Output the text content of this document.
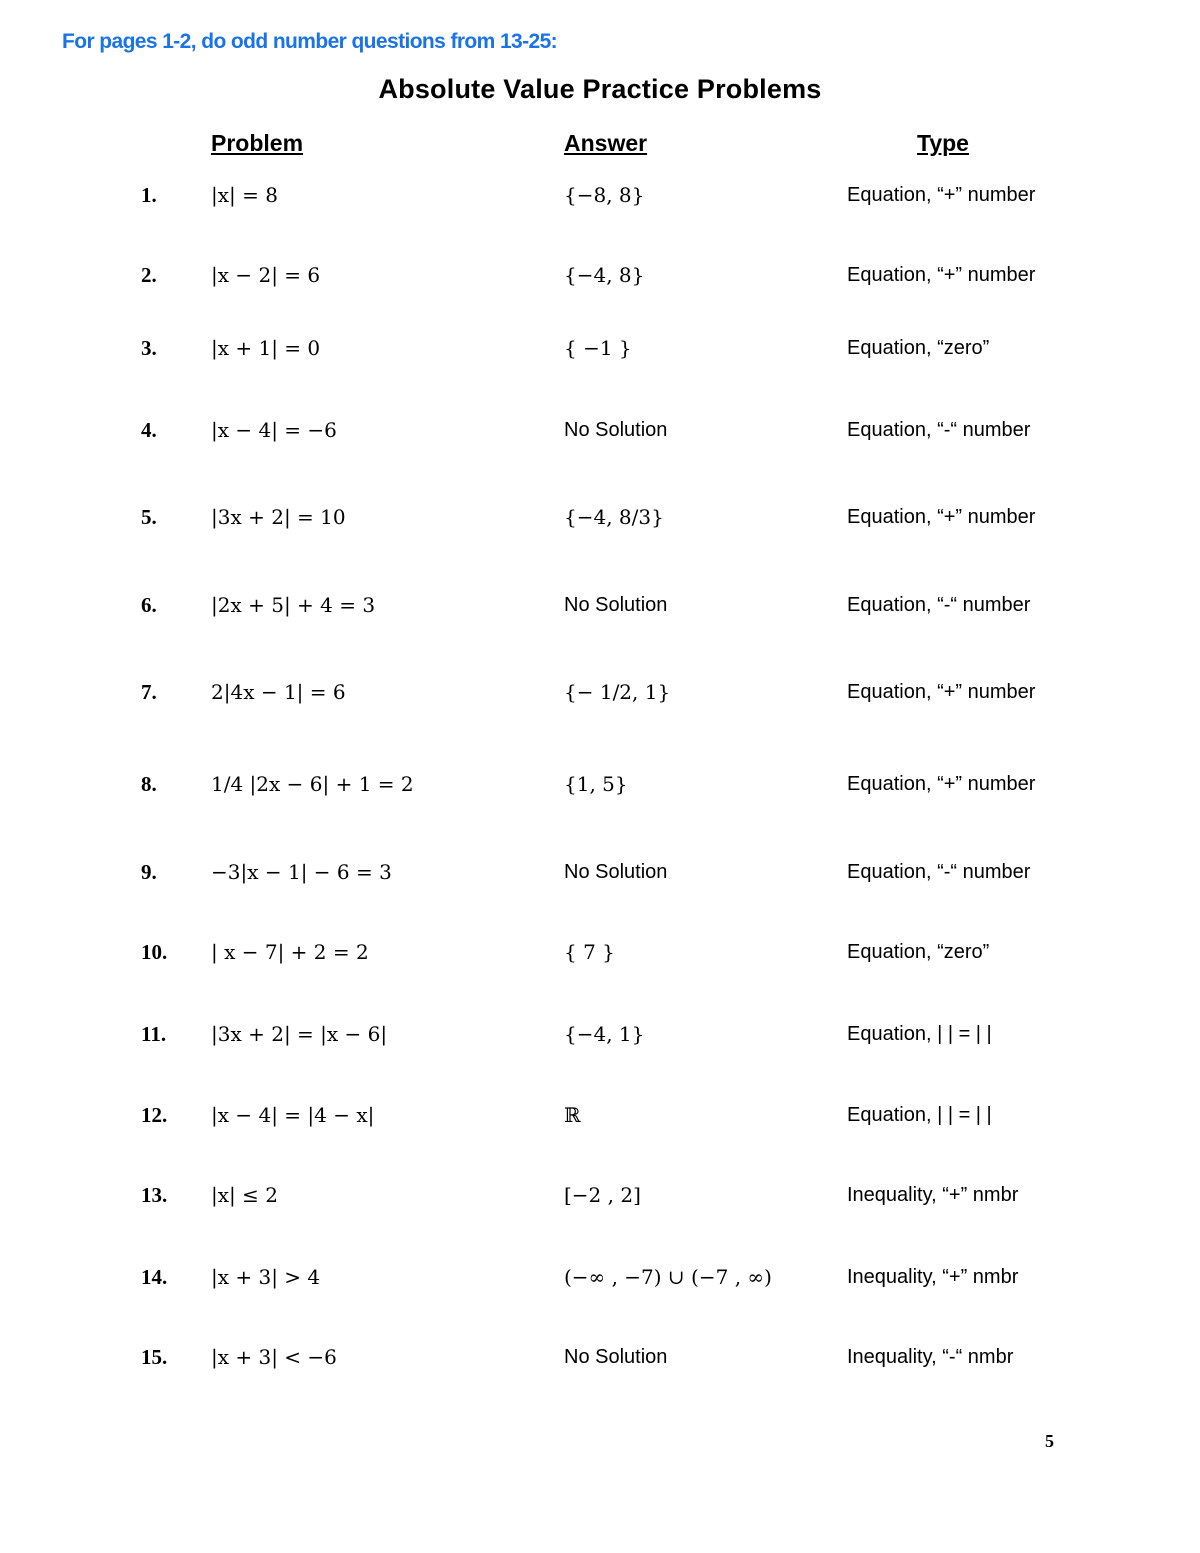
For pages 1-2, do odd number questions from 13-25:
Absolute Value Practice Problems
Problem	Answer	Type
1.	|x| = 8	{−8, 8}	Equation, “+” number
2.	|x − 2| = 6	{−4, 8}	Equation, “+” number
3.	|x + 1| = 0	{ −1 }	Equation, “zero”
4.	|x − 4| = −6	No Solution	Equation, “-“ number
5.	|3x + 2| = 10	{−4, 8/3}	Equation, “+” number
6.	|2x + 5| + 4 = 3	No Solution	Equation, “-“ number
7.	2|4x − 1| = 6	{− 1/2, 1}	Equation, “+” number
8.	1/4 |2x − 6| + 1 = 2	{1, 5}	Equation, “+” number
9.	−3|x − 1| − 6 = 3	No Solution	Equation, “-“ number
10. | x − 7| + 2 = 2	{ 7 }	Equation, “zero”
11. |3x + 2| = |x − 6|	{−4, 1}	Equation, | | = | |
12. |x − 4| = |4 − x|	ℝ	Equation, | | = | |
13. |x| ≤ 2	[−2 , 2]	Inequality, “+” nmbr
14. |x + 3| > 4	(−∞ , −7) ∪ (−7 , ∞)	Inequality, “+” nmbr
15. |x + 3| < −6	No Solution	Inequality, “-“ nmbr
5
